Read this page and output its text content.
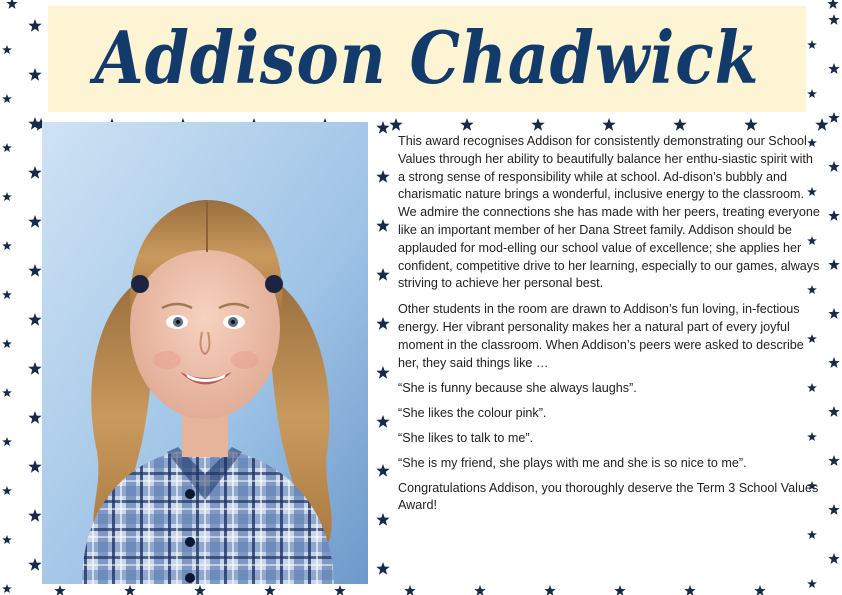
Addison Chadwick

This award recognises Addison for consistently demonstrating our School Values through her ability to beautifully balance her enthu-siastic spirit with a strong sense of responsibility while at school. Ad-dison’s bubbly and charismatic nature brings a wonderful, inclusive energy to the classroom. We admire the connections she has made with her peers, treating everyone like an important member of her Dana Street family. Addison should be applauded for mod-elling our school value of excellence; she applies her confident, competitive drive to her learning, especially to our games, always striving to achieve her personal best.

Other students in the room are drawn to Addison’s fun loving, in-fectious energy. Her vibrant personality makes her a natural part of every joyful moment in the classroom. When Addison’s peers were asked to describe her, they said things like …

“She is funny because she always laughs”.

“She likes the colour pink”.

“She likes to talk to me”.

“She is my friend, she plays with me and she is so nice to me”.

Congratulations Addison, you thoroughly deserve the Term 3 School Values Award!
